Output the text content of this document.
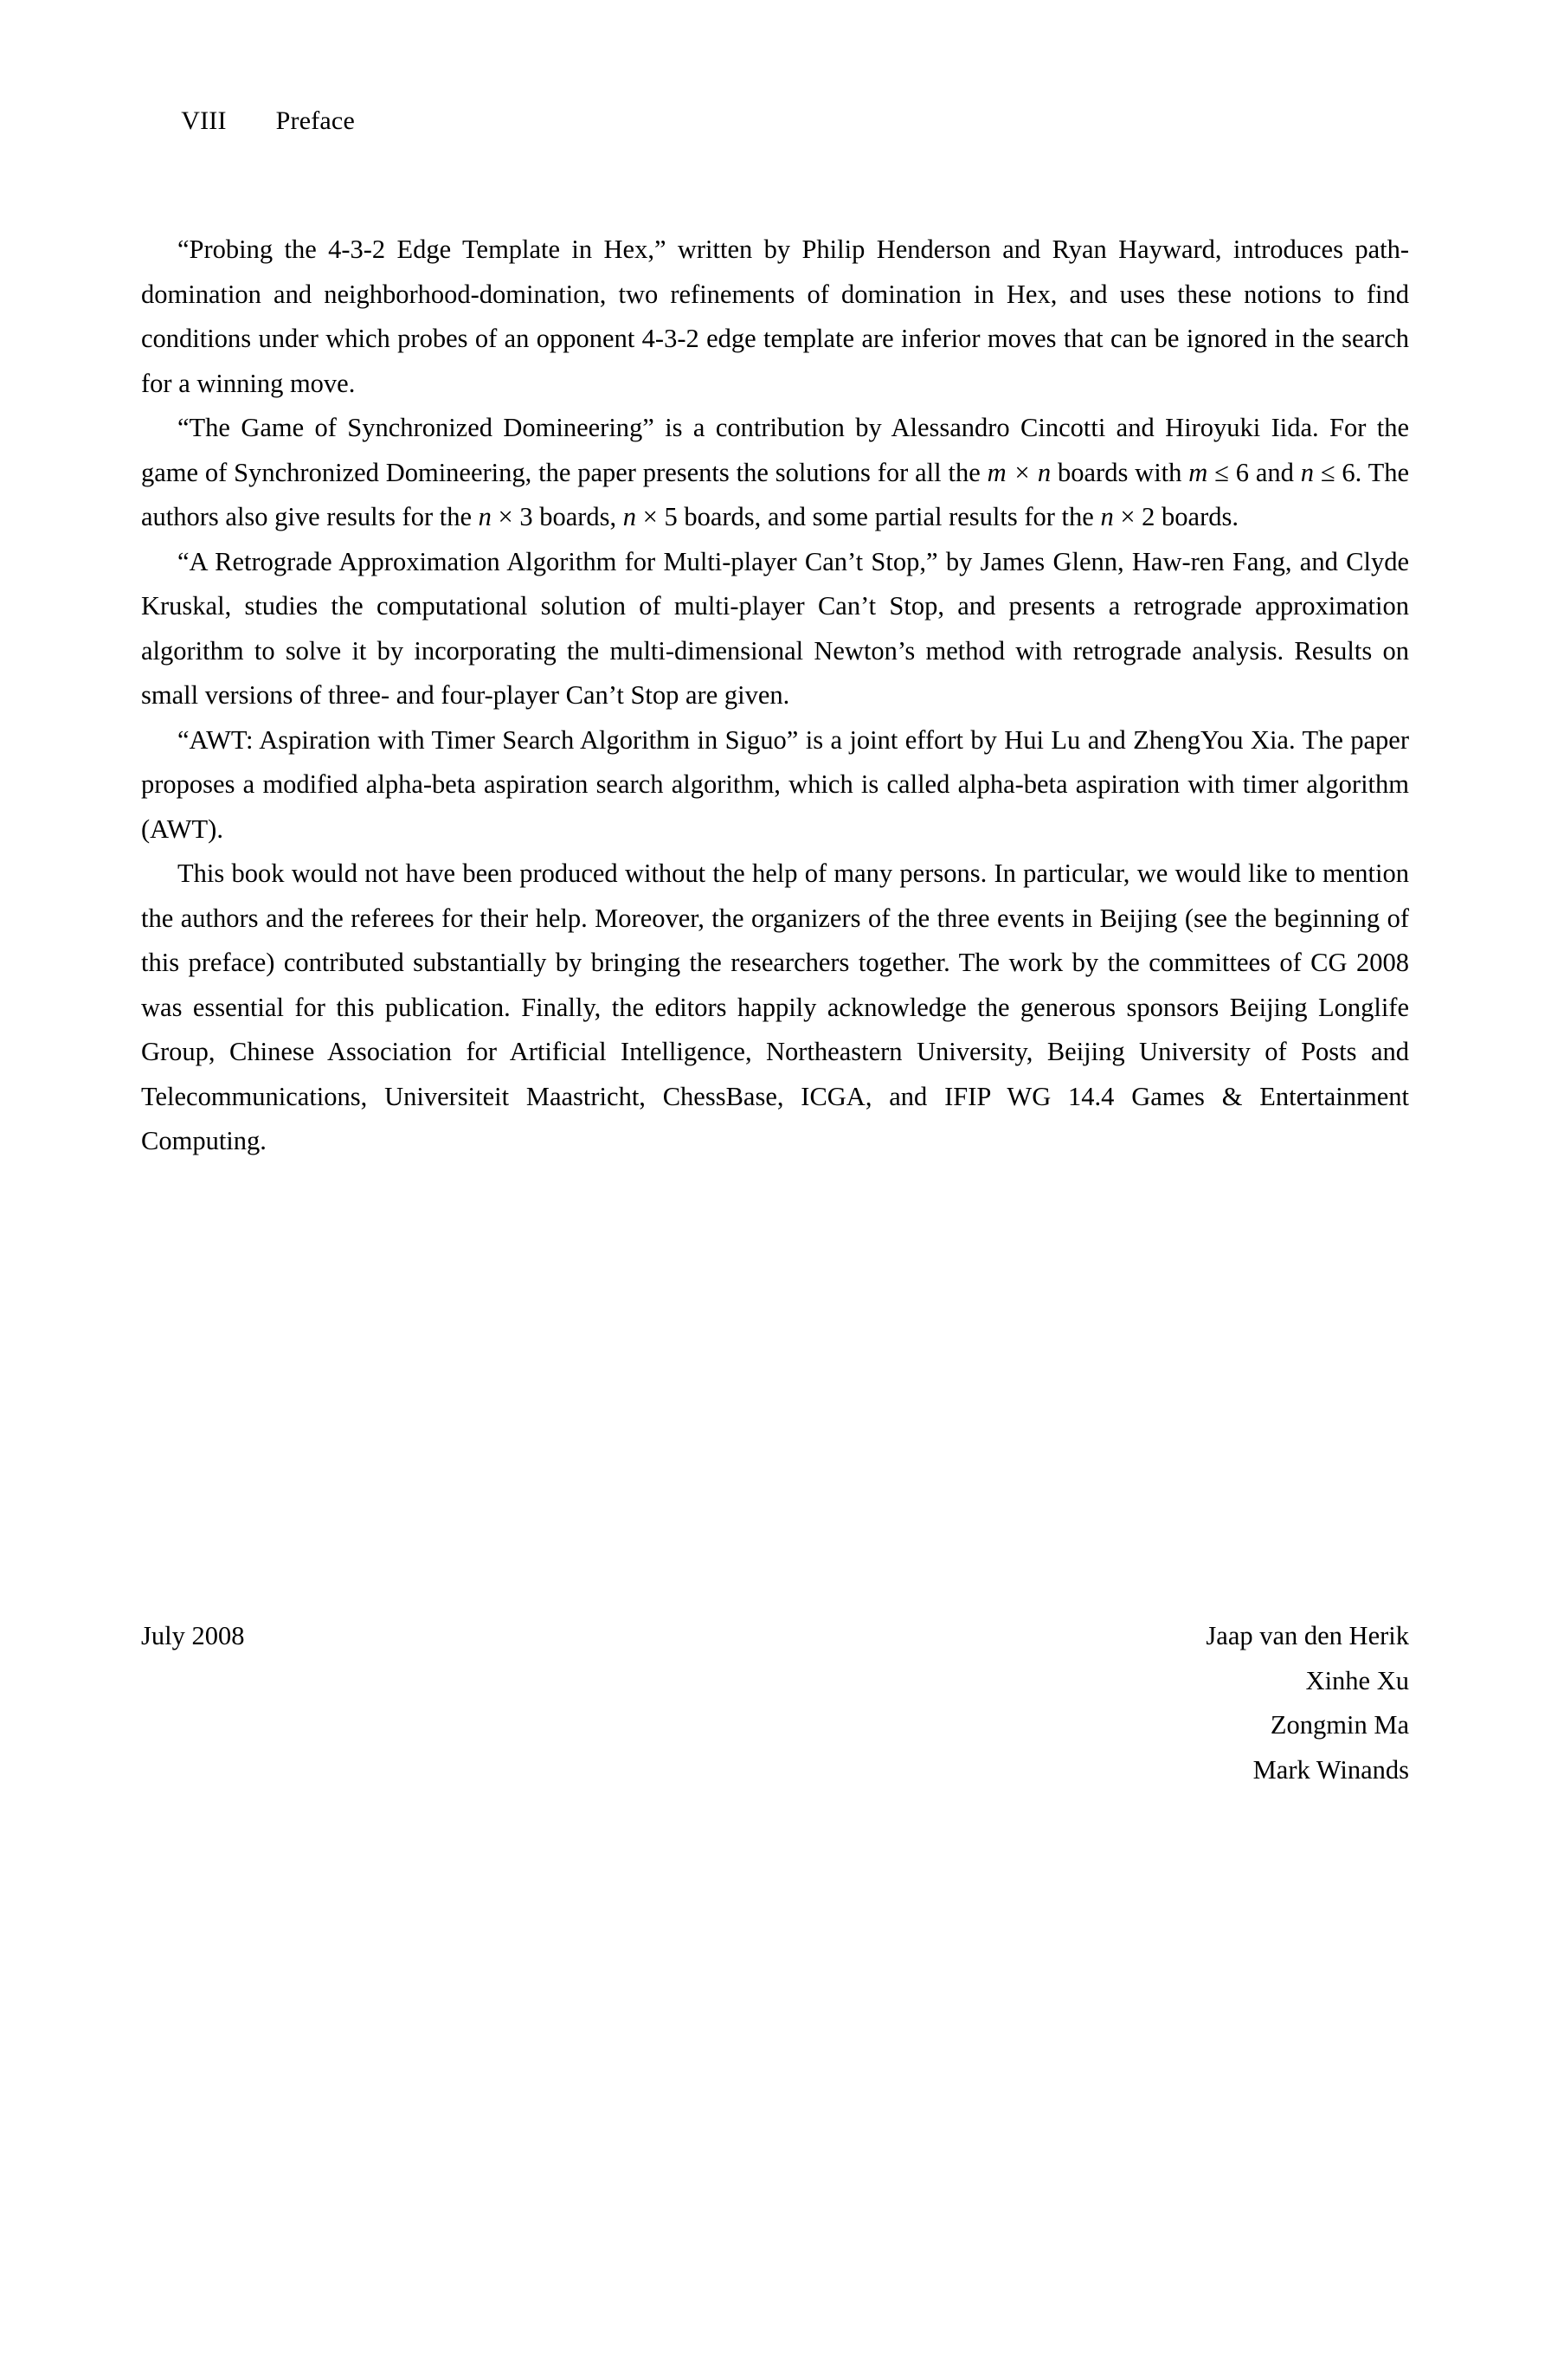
VIII Preface

“Probing the 4-3-2 Edge Template in Hex,” written by Philip Henderson and Ryan Hayward, introduces path-domination and neighborhood-domination, two refinements of domination in Hex, and uses these notions to find conditions under which probes of an opponent 4-3-2 edge template are inferior moves that can be ignored in the search for a winning move.

“The Game of Synchronized Domineering” is a contribution by Alessandro Cincotti and Hiroyuki Iida. For the game of Synchronized Domineering, the paper presents the solutions for all the m × n boards with m ≤ 6 and n ≤ 6. The authors also give results for the n × 3 boards, n × 5 boards, and some partial results for the n × 2 boards.

“A Retrograde Approximation Algorithm for Multi-player Can’t Stop,” by James Glenn, Haw-ren Fang, and Clyde Kruskal, studies the computational solution of multi-player Can’t Stop, and presents a retrograde approximation algorithm to solve it by incorporating the multi-dimensional Newton’s method with retrograde analysis. Results on small versions of three- and four-player Can’t Stop are given.

“AWT: Aspiration with Timer Search Algorithm in Siguo” is a joint effort by Hui Lu and ZhengYou Xia. The paper proposes a modified alpha-beta aspiration search algorithm, which is called alpha-beta aspiration with timer algorithm (AWT).

This book would not have been produced without the help of many persons. In particular, we would like to mention the authors and the referees for their help. Moreover, the organizers of the three events in Beijing (see the beginning of this preface) contributed substantially by bringing the researchers together. The work by the committees of CG 2008 was essential for this publication. Finally, the editors happily acknowledge the generous sponsors Beijing Longlife Group, Chinese Association for Artificial Intelligence, Northeastern University, Beijing University of Posts and Telecommunications, Universiteit Maastricht, ChessBase, ICGA, and IFIP WG 14.4 Games & Entertainment Computing.

July 2008	Jaap van den Herik
Xinhe Xu
Zongmin Ma
Mark Winands
